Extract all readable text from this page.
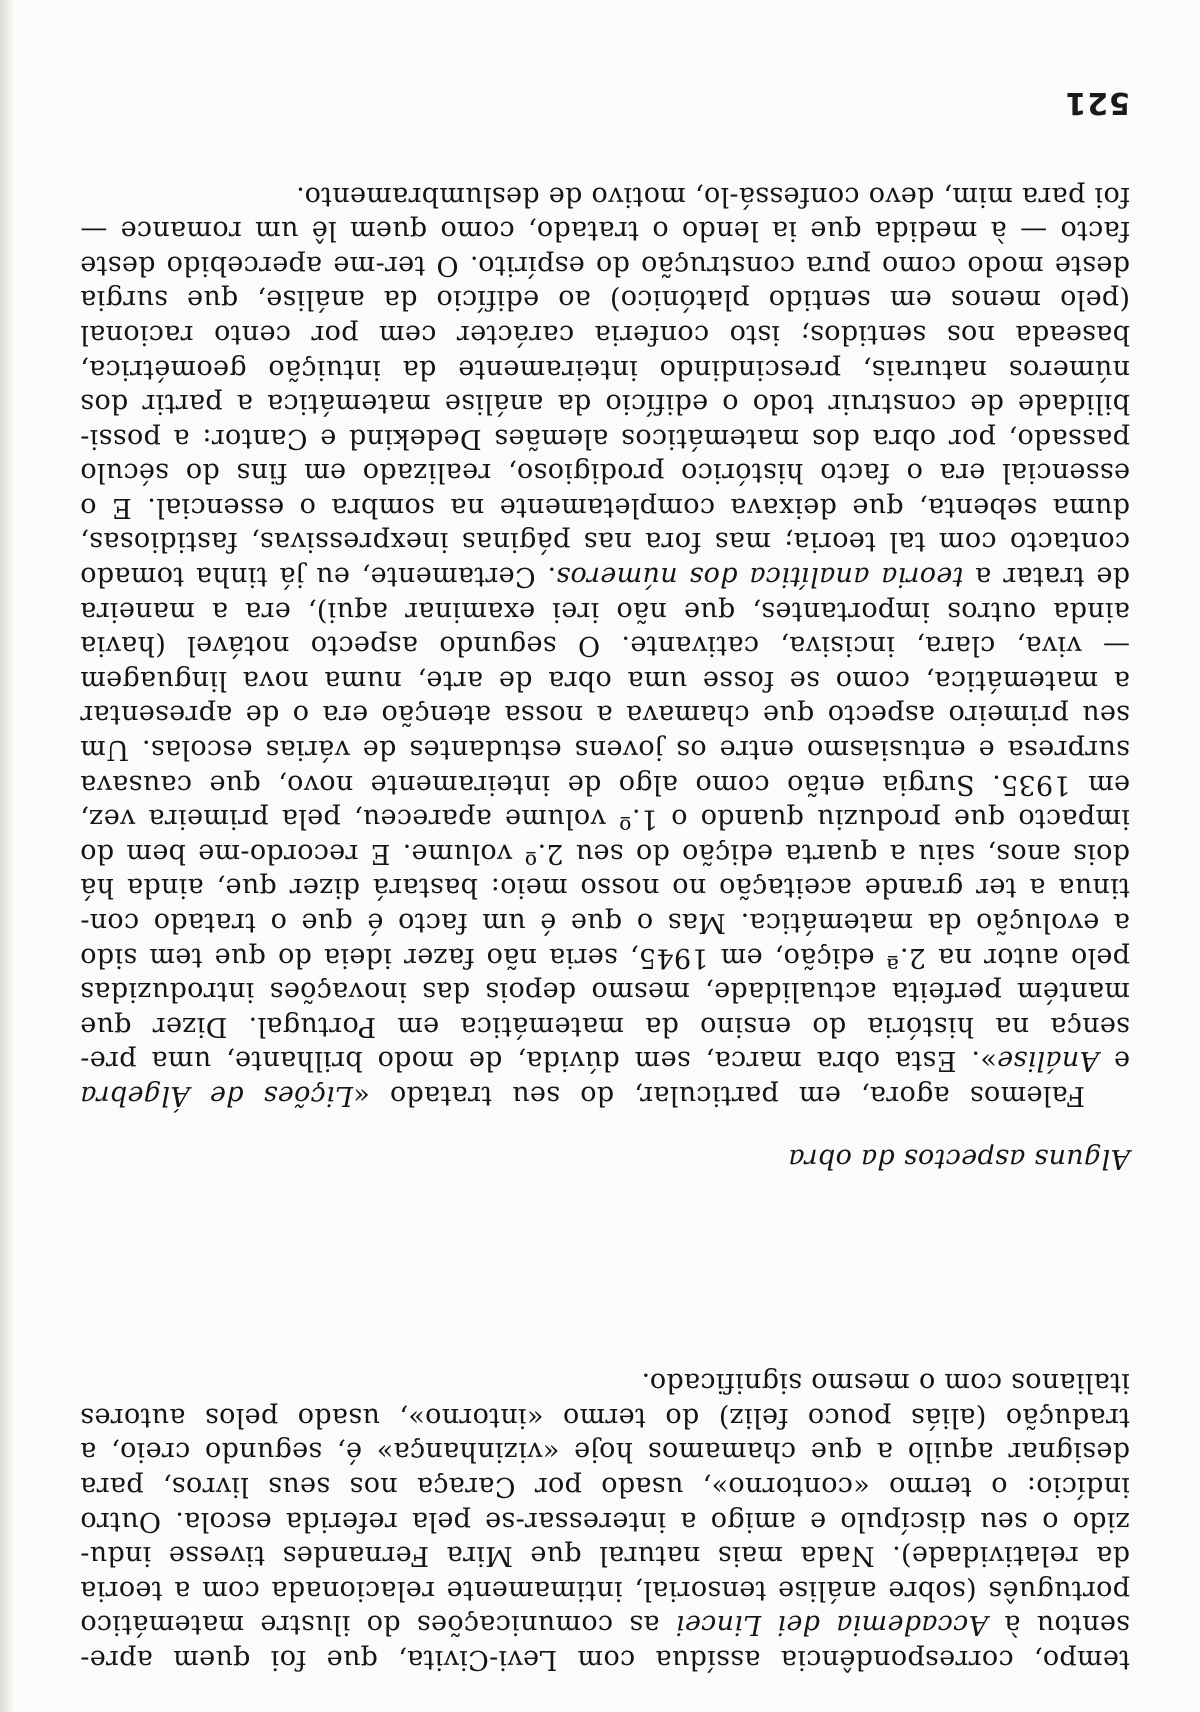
tempo, correspondência assídua com Levi-Civita, que foi quem apre-
sentou à Accademia dei Lincei as comunicações do ilustre matemático
português (sobre análise tensorial, intimamente relacionada com a teoria
da relatividade). Nada mais natural que Mira Fernandes tivesse indu-
zido o seu discípulo e amigo a interessar-se pela referida escola. Outro
indício: o termo «contorno», usado por Caraça nos seus livros, para
designar aquilo a que chamamos hoje «vizinhança» é, segundo creio, a
tradução (aliás pouco feliz) do termo «intorno», usado pelos autores
italianos com o mesmo significado.
Alguns aspectos da obra
Falemos agora, em particular, do seu tratado «Lições de Álgebra
e Análise». Esta obra marca, sem dúvida, de modo brilhante, uma pre-
sença na história do ensino da matemática em Portugal. Dizer que
mantém perfeita actualidade, mesmo depois das inovações introduzidas
pelo autor na 2.ª edição, em 1945, seria não fazer ideia do que tem sido
a evolução da matemática. Mas o que é um facto é que o tratado con-
tinua a ter grande aceitação no nosso meio: bastará dizer que, ainda há
dois anos, saiu a quarta edição do seu 2.º volume. E recordo-me bem do
impacto que produziu quando o 1.º volume apareceu, pela primeira vez,
em 1935. Surgia então como algo de inteiramente novo, que causava
surpresa e entusiasmo entre os jovens estudantes de várias escolas. Um
seu primeiro aspecto que chamava a nossa atenção era o de apresentar
a matemática, como se fosse uma obra de arte, numa nova linguagem
— viva, clara, incisiva, cativante. O segundo aspecto notável (havia
ainda outros importantes, que não irei examinar aqui), era a maneira
de tratar a teoria analítica dos números. Certamente, eu já tinha tomado
contacto com tal teoria; mas fora nas páginas inexpressivas, fastidiosas,
duma sebenta, que deixava completamente na sombra o essencial. E o
essencial era o facto histórico prodigioso, realizado em fins do século
passado, por obra dos matemáticos alemães Dedekind e Cantor: a possi-
bilidade de construir todo o edifício da análise matemática a partir dos
números naturais, prescindindo inteiramente da intuição geométrica,
baseada nos sentidos; isto conferia carácter cem por cento racional
(pelo menos em sentido platónico) ao edifício da análise, que surgia
deste modo como pura construção do espírito. O ter-me apercebido deste
facto — à medida que ia lendo o tratado, como quem lê um romance —
foi para mim, devo confessá-lo, motivo de deslumbramento.
521
